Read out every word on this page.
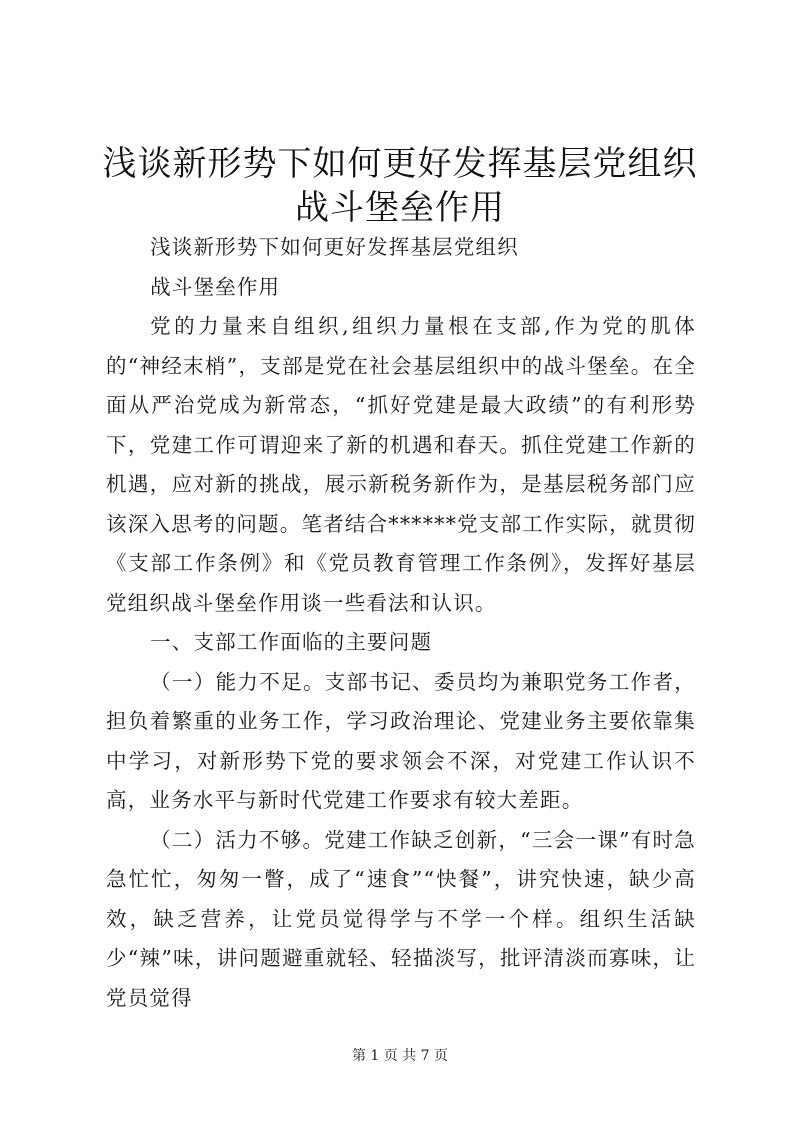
浅谈新形势下如何更好发挥基层党组织战斗堡垒作用

浅谈新形势下如何更好发挥基层党组织

战斗堡垒作用

党的力量来自组织,组织力量根在支部,作为党的肌体的“神经末梢”，支部是党在社会基层组织中的战斗堡垒。在全面从严治党成为新常态，“抓好党建是最大政绩”的有利形势下，党建工作可谓迎来了新的机遇和春天。抓住党建工作新的机遇，应对新的挑战，展示新税务新作为，是基层税务部门应该深入思考的问题。笔者结合******党支部工作实际，就贯彻《支部工作条例》和《党员教育管理工作条例》，发挥好基层党组织战斗堡垒作用谈一些看法和认识。

一、支部工作面临的主要问题

（一）能力不足。支部书记、委员均为兼职党务工作者，担负着繁重的业务工作，学习政治理论、党建业务主要依靠集中学习，对新形势下党的要求领会不深，对党建工作认识不高，业务水平与新时代党建工作要求有较大差距。

（二）活力不够。党建工作缺乏创新，“三会一课”有时急急忙忙，匆匆一瞥，成了“速食”“快餐”，讲究快速，缺少高效，缺乏营养，让党员觉得学与不学一个样。组织生活缺少“辣”味，讲问题避重就轻、轻描淡写，批评清淡而寡味，让党员觉得

第 1 页 共 7 页
